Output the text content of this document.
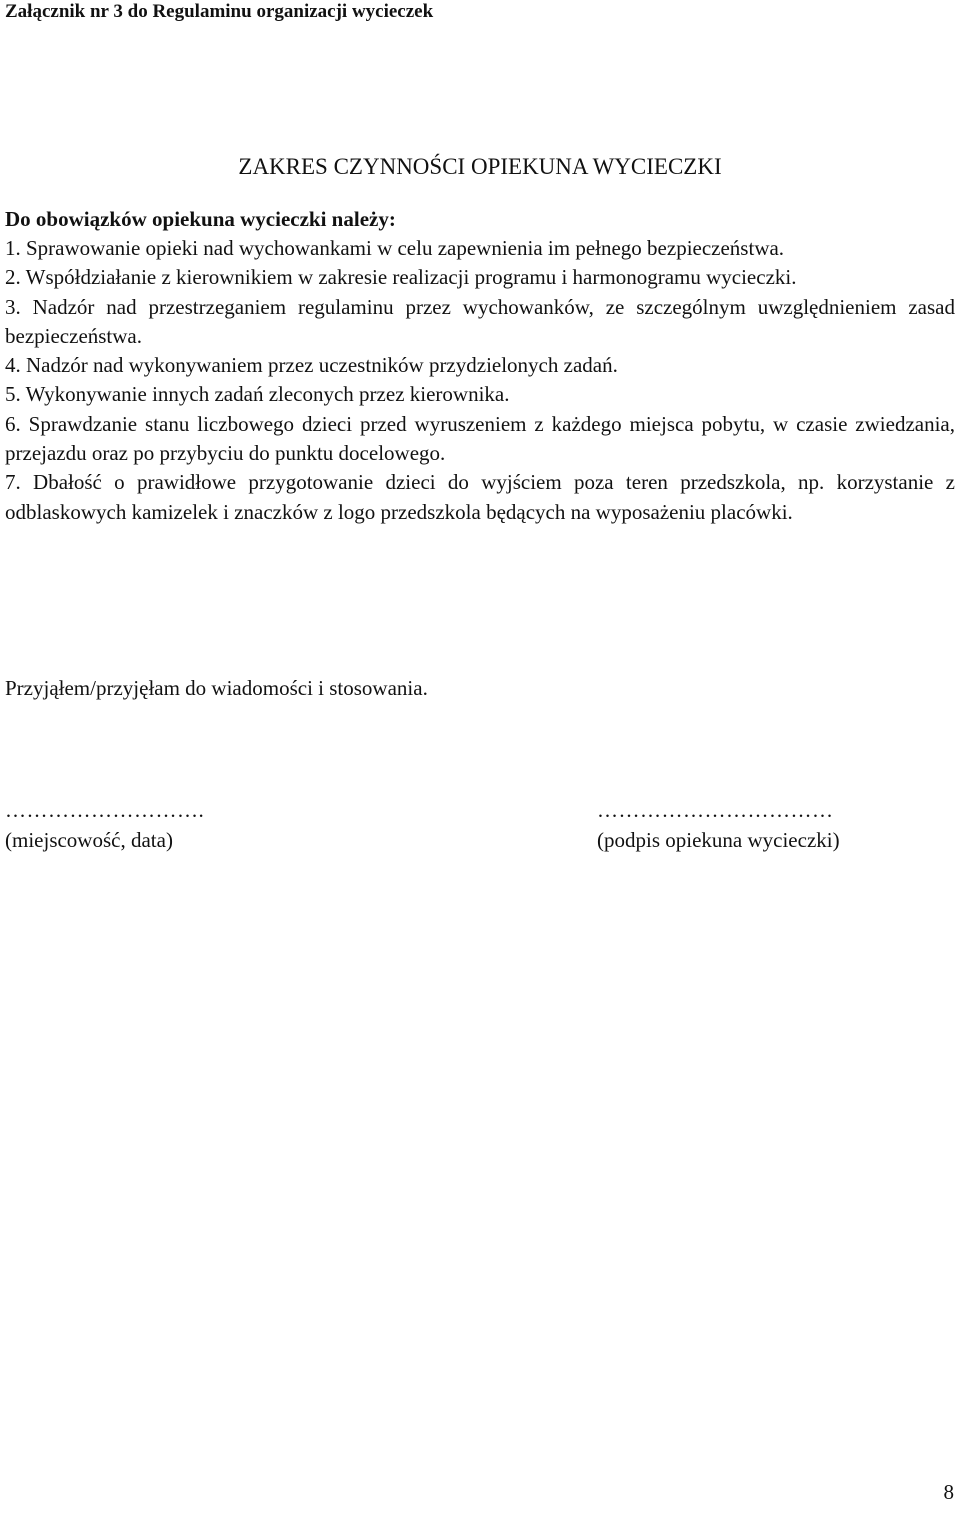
Załącznik nr 3 do Regulaminu organizacji wycieczek
ZAKRES CZYNNOŚCI OPIEKUNA WYCIECZKI
Do obowiązków opiekuna wycieczki należy:
1. Sprawowanie opieki nad wychowankami w celu zapewnienia im pełnego bezpieczeństwa.
2. Współdziałanie z kierownikiem w zakresie realizacji programu i harmonogramu wycieczki.
3. Nadzór nad przestrzeganiem regulaminu przez wychowanków, ze szczególnym uwzględnieniem zasad bezpieczeństwa.
4. Nadzór nad wykonywaniem przez uczestników przydzielonych zadań.
5. Wykonywanie innych zadań zleconych przez kierownika.
6. Sprawdzanie stanu liczbowego dzieci przed wyruszeniem z każdego miejsca pobytu, w czasie zwiedzania, przejazdu oraz po przybyciu do punktu docelowego.
7. Dbałość o prawidłowe przygotowanie dzieci do wyjściem poza teren przedszkola, np. korzystanie z odblaskowych kamizelek i znaczków z logo przedszkola będących na wyposażeniu placówki.
Przyjąłem/przyjęłam do wiadomości i stosowania.
……………………….
(miejscowość, data)
……………………………
(podpis opiekuna wycieczki)
8
